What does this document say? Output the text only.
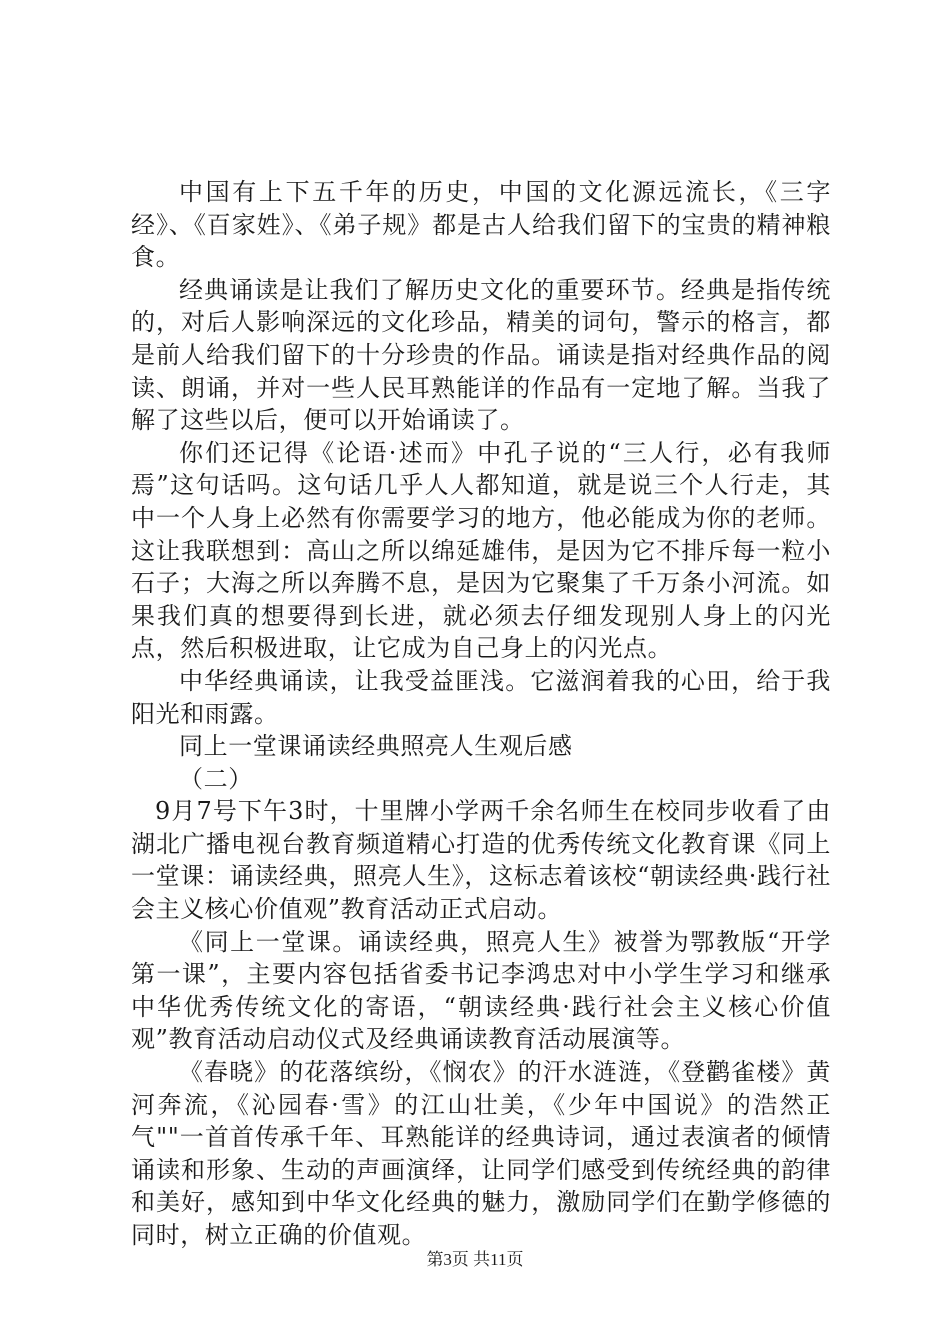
中国有上下五千年的历史，中国的文化源远流长，《三字经》、《百家姓》、《弟子规》都是古人给我们留下的宝贵的精神粮食。

经典诵读是让我们了解历史文化的重要环节。经典是指传统的，对后人影响深远的文化珍品，精美的词句，警示的格言，都是前人给我们留下的十分珍贵的作品。诵读是指对经典作品的阅读、朗诵，并对一些人民耳熟能详的作品有一定地了解。当我了解了这些以后，便可以开始诵读了。

你们还记得《论语·述而》中孔子说的“三人行，必有我师焉”这句话吗。这句话几乎人人都知道，就是说三个人行走，其中一个人身上必然有你需要学习的地方，他必能成为你的老师。这让我联想到：高山之所以绵延雄伟，是因为它不排斥每一粒小石子；大海之所以奔腾不息，是因为它聚集了千万条小河流。如果我们真的想要得到长进，就必须去仔细发现别人身上的闪光点，然后积极进取，让它成为自己身上的闪光点。

中华经典诵读，让我受益匪浅。它滋润着我的心田，给于我阳光和雨露。

同上一堂课诵读经典照亮人生观后感

（二）

9月7号下午3时，十里牌小学两千余名师生在校同步收看了由湖北广播电视台教育频道精心打造的优秀传统文化教育课《同上一堂课：诵读经典，照亮人生》，这标志着该校“朝读经典·践行社会主义核心价值观”教育活动正式启动。

《同上一堂课。诵读经典，照亮人生》被誉为鄂教版“开学第一课”，主要内容包括省委书记李鸿忠对中小学生学习和继承中华优秀传统文化的寄语，“朝读经典·践行社会主义核心价值观”教育活动启动仪式及经典诵读教育活动展演等。

《春晓》的花落缤纷，《悯农》的汗水涟涟，《登鹳雀楼》黄河奔流，《沁园春·雪》的江山壮美，《少年中国说》的浩然正气""一首首传承千年、耳熟能详的经典诗词，通过表演者的倾情诵读和形象、生动的声画演绎，让同学们感受到传统经典的韵律和美好，感知到中华文化经典的魅力，激励同学们在勤学修德的同时，树立正确的价值观。

第3页 共11页
